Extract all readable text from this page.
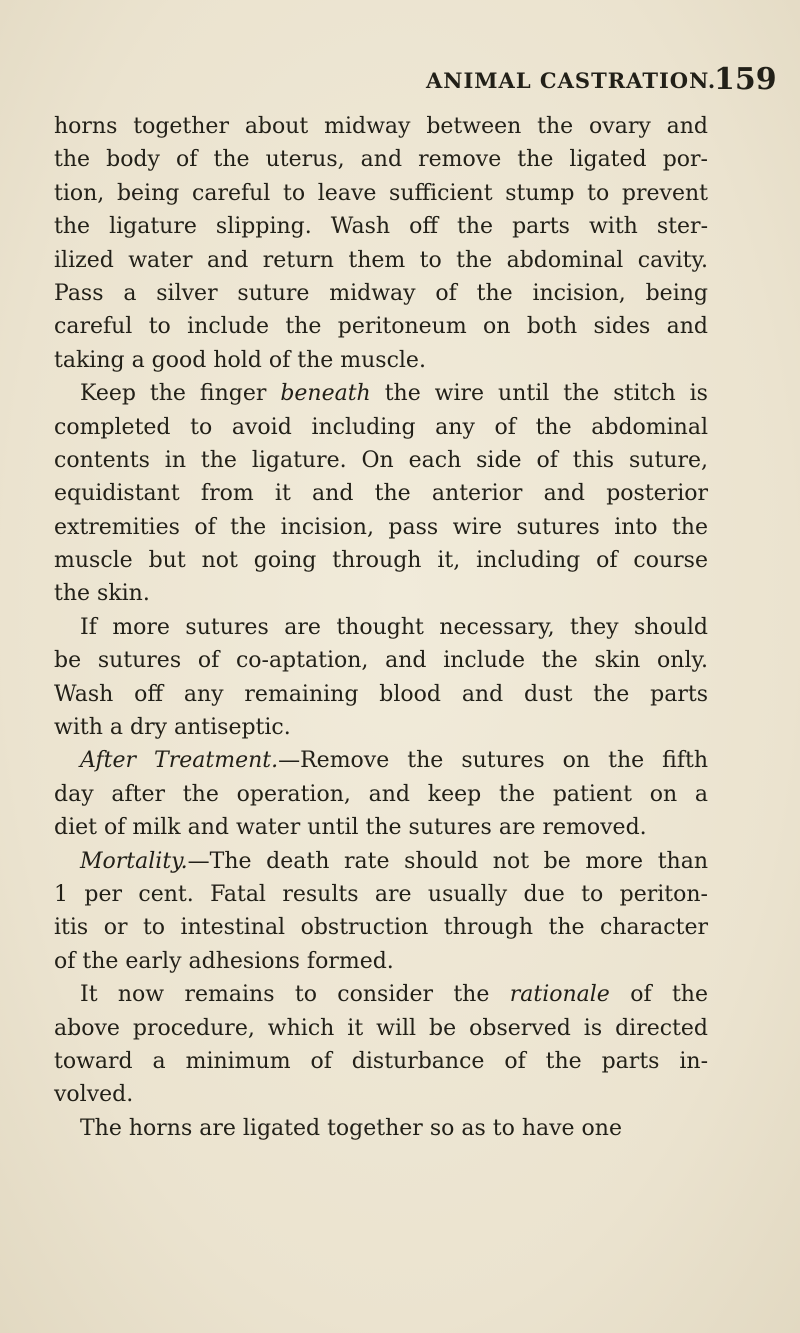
ANIMAL CASTRATION.
159
horns together about midway between the ovary and
the body of the uterus, and remove the ligated por-
tion, being careful to leave sufficient stump to prevent
the ligature slipping. Wash off the parts with ster-
ilized water and return them to the abdominal cavity.
Pass a silver suture midway of the incision, being
careful to include the peritoneum on both sides and
taking a good hold of the muscle.
Keep the finger beneath the wire until the stitch is
completed to avoid including any of the abdominal
contents in the ligature. On each side of this suture,
equidistant from it and the anterior and posterior
extremities of the incision, pass wire sutures into the
muscle but not going through it, including of course
the skin.
If more sutures are thought necessary, they should
be sutures of co-aptation, and include the skin only.
Wash off any remaining blood and dust the parts
with a dry antiseptic.
After Treatment.—Remove the sutures on the fifth
day after the operation, and keep the patient on a
diet of milk and water until the sutures are removed.
Mortality.—The death rate should not be more than
1 per cent. Fatal results are usually due to periton-
itis or to intestinal obstruction through the character
of the early adhesions formed.
It now remains to consider the rationale of the
above procedure, which it will be observed is directed
toward a minimum of disturbance of the parts in-
volved.
The horns are ligated together so as to have one
